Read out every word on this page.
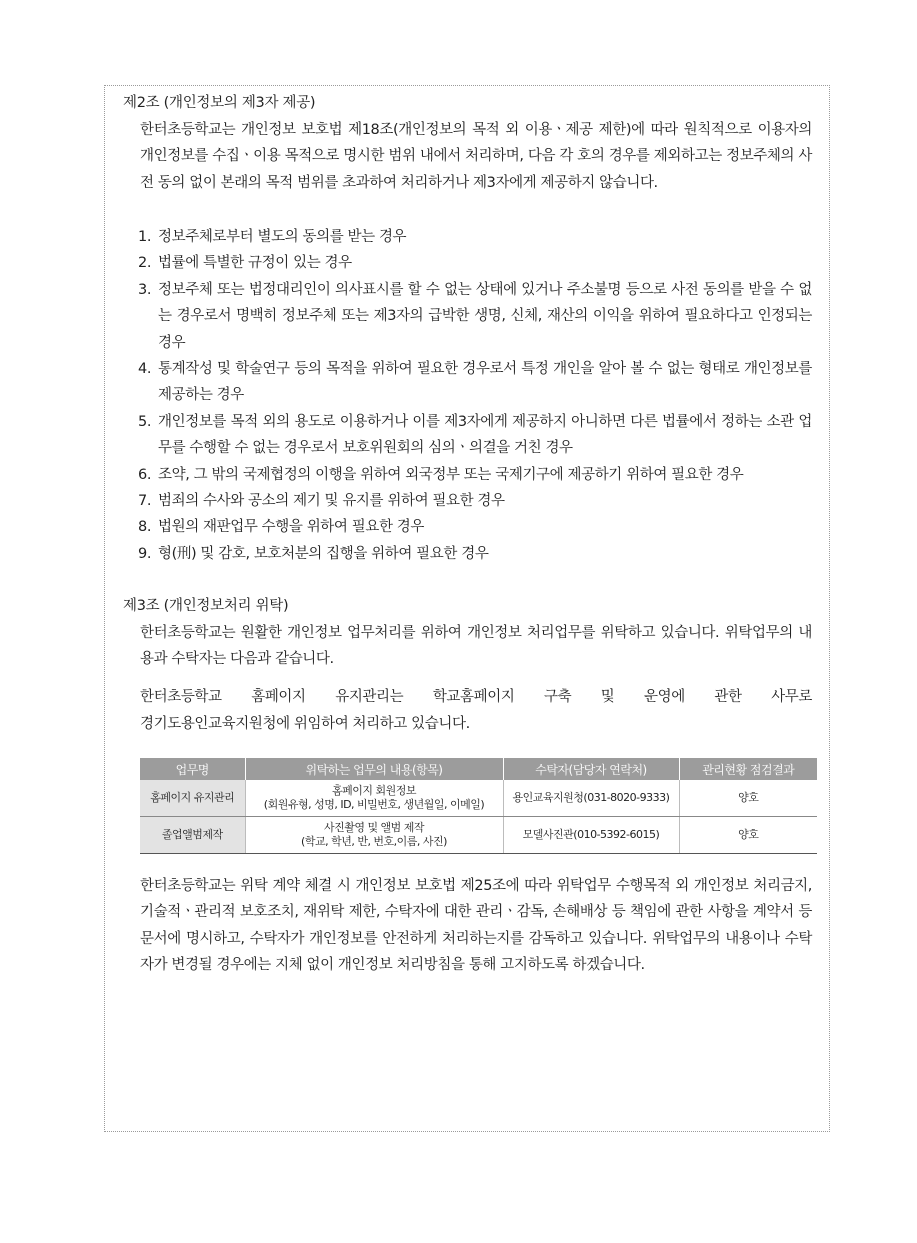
제2조 (개인정보의 제3자 제공)

한터초등학교는 개인정보 보호법 제18조(개인정보의 목적 외 이용ㆍ제공 제한)에 따라 원칙적으로 이용자의 개인정보를 수집ㆍ이용 목적으로 명시한 범위 내에서 처리하며, 다음 각 호의 경우를 제외하고는 정보주체의 사전 동의 없이 본래의 목적 범위를 초과하여 처리하거나 제3자에게 제공하지 않습니다.

1. 정보주체로부터 별도의 동의를 받는 경우
2. 법률에 특별한 규정이 있는 경우
3. 정보주체 또는 법정대리인이 의사표시를 할 수 없는 상태에 있거나 주소불명 등으로 사전 동의를 받을 수 없는 경우로서 명백히 정보주체 또는 제3자의 급박한 생명, 신체, 재산의 이익을 위하여 필요하다고 인정되는 경우
4. 통계작성 및 학술연구 등의 목적을 위하여 필요한 경우로서 특정 개인을 알아 볼 수 없는 형태로 개인정보를 제공하는 경우
5. 개인정보를 목적 외의 용도로 이용하거나 이를 제3자에게 제공하지 아니하면 다른 법률에서 정하는 소관 업무를 수행할 수 없는 경우로서 보호위원회의 심의ㆍ의결을 거친 경우
6. 조약, 그 밖의 국제협정의 이행을 위하여 외국정부 또는 국제기구에 제공하기 위하여 필요한 경우
7. 범죄의 수사와 공소의 제기 및 유지를 위하여 필요한 경우
8. 법원의 재판업무 수행을 위하여 필요한 경우
9. 형(刑) 및 감호, 보호처분의 집행을 위하여 필요한 경우
제3조 (개인정보처리 위탁)

한터초등학교는 원활한 개인정보 업무처리를 위하여 개인정보 처리업무를 위탁하고 있습니다. 위탁업무의 내용과 수탁자는 다음과 같습니다.

한터초등학교 홈페이지 유지관리는 학교홈페이지 구축 및 운영에 관한 사무로

경기도용인교육지원청에 위임하여 처리하고 있습니다.

업무명	위탁하는 업무의 내용(항목)	수탁자(담당자 연락처)	관리현황 점검결과
홈페이지 유지관리	홈페이지 회원정보
(회원유형, 성명, ID, 비밀번호, 생년월일, 이메일)	용인교육지원청(031-8020-9333)	양호
졸업앨범제작	사진촬영 및 앨범 제작
(학교, 학년, 반, 번호,이름, 사진)	모델사진관(010-5392-6015)	양호

한터초등학교는 위탁 계약 체결 시 개인정보 보호법 제25조에 따라 위탁업무 수행목적 외 개인정보 처리금지, 기술적ㆍ관리적 보호조치, 재위탁 제한, 수탁자에 대한 관리ㆍ감독, 손해배상 등 책임에 관한 사항을 계약서 등 문서에 명시하고, 수탁자가 개인정보를 안전하게 처리하는지를 감독하고 있습니다. 위탁업무의 내용이나 수탁자가 변경될 경우에는 지체 없이 개인정보 처리방침을 통해 고지하도록 하겠습니다.
